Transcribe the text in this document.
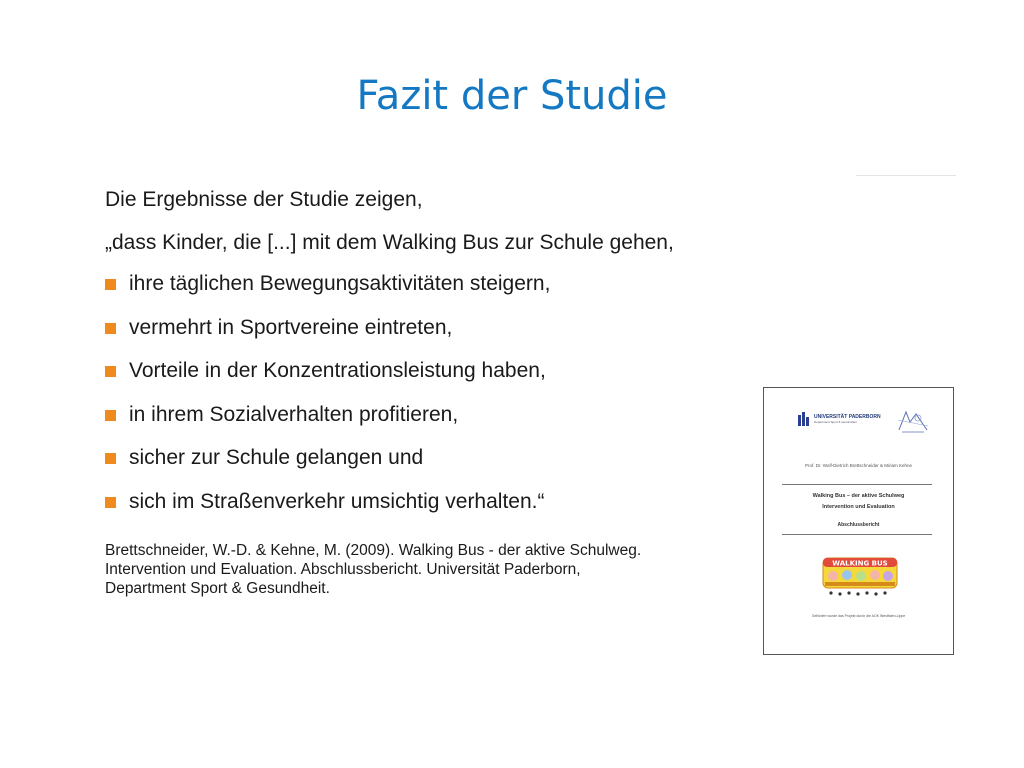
Fazit der Studie
Die Ergebnisse der Studie zeigen,
„dass Kinder, die [...] mit dem Walking Bus zur Schule gehen,
ihre täglichen Bewegungsaktivitäten steigern,
vermehrt in Sportvereine eintreten,
Vorteile in der Konzentrationsleistung haben,
in ihrem Sozialverhalten profitieren,
sicher zur Schule gelangen und
sich im Straßenverkehr umsichtig verhalten.“
Brettschneider, W.-D. & Kehne, M. (2009). Walking Bus - der aktive Schulweg.
Intervention und Evaluation. Abschlussbericht. Universität Paderborn,
Department Sport & Gesundheit.
UNIVERSITÄT PADERBORN
Department Sport & Gesundheit
Prof. Dr. Wolf-Dietrich Brettschneider & Miriam Kehne
Walking Bus – der aktive Schulweg
Intervention und Evaluation
Abschlussbericht
WALKING BUS
Gefördert wurde das Projekt durch die AOK Westfalen-Lippe
